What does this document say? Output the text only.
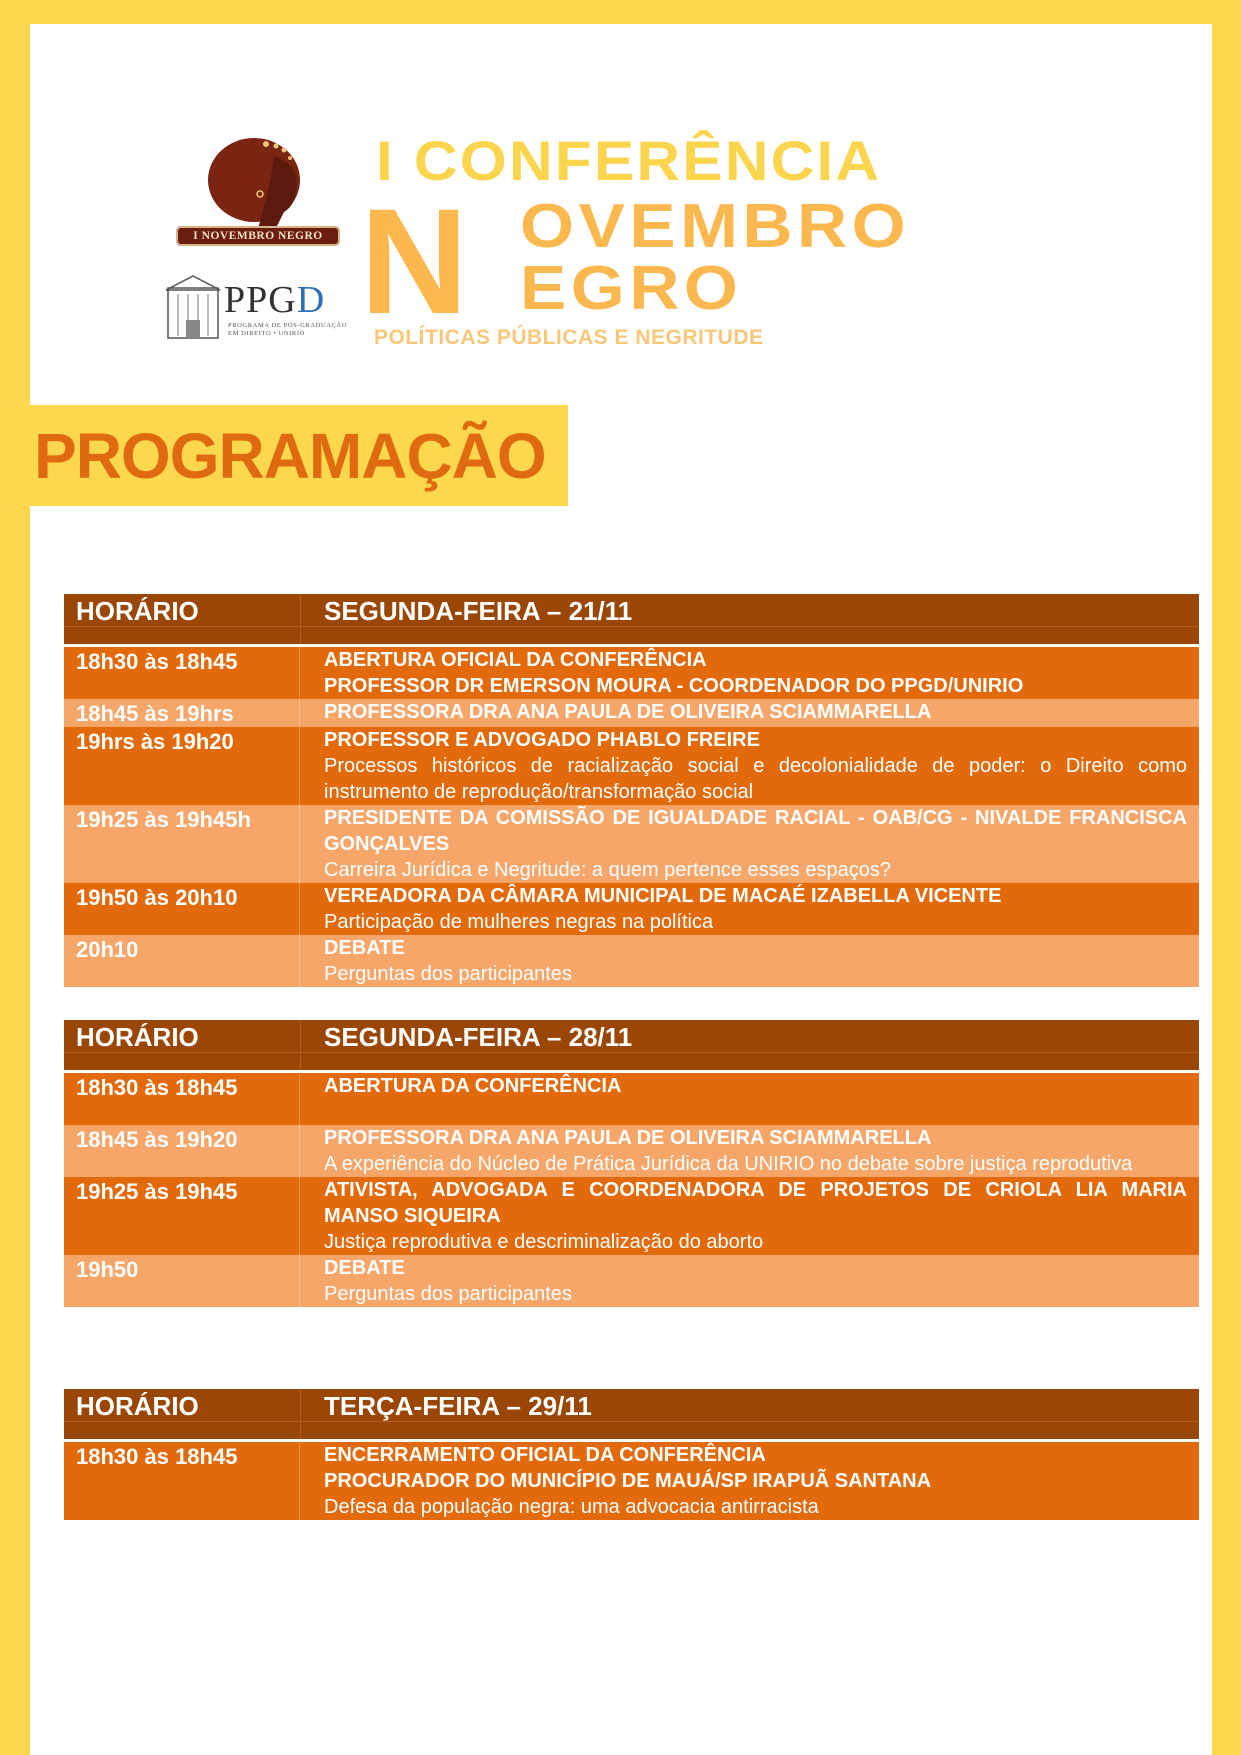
I NOVEMBRO NEGRO
PPGD
PROGRAMA DE PÓS-GRADUAÇÃO EM DIREITO • UNIRIO
I CONFERÊNCIA
N OVEMBRO
EGRO
POLÍTICAS PÚBLICAS E NEGRITUDE
PROGRAMAÇÃO
HORÁRIO	SEGUNDA-FEIRA – 21/11
18h30 às 18h45	ABERTURA OFICIAL DA CONFERÊNCIA
PROFESSOR DR EMERSON MOURA - COORDENADOR DO PPGD/UNIRIO
18h45 às 19hrs	PROFESSORA DRA ANA PAULA DE OLIVEIRA SCIAMMARELLA
19hrs às 19h20	PROFESSOR E ADVOGADO PHABLO FREIRE
Processos históricos de racialização social e decolonialidade de poder: o Direito como instrumento de reprodução/transformação social
19h25 às 19h45h	PRESIDENTE DA COMISSÃO DE IGUALDADE RACIAL - OAB/CG - NIVALDE FRANCISCA GONÇALVES
Carreira Jurídica e Negritude: a quem pertence esses espaços?
19h50 às 20h10	VEREADORA DA CÂMARA MUNICIPAL DE MACAÉ IZABELLA VICENTE
Participação de mulheres negras na política
20h10	DEBATE
Perguntas dos participantes
HORÁRIO	SEGUNDA-FEIRA – 28/11
18h30 às 18h45	ABERTURA DA CONFERÊNCIA

18h45 às 19h20	PROFESSORA DRA ANA PAULA DE OLIVEIRA SCIAMMARELLA
A experiência do Núcleo de Prática Jurídica da UNIRIO no debate sobre justiça reprodutiva
19h25 às 19h45	ATIVISTA, ADVOGADA E COORDENADORA DE PROJETOS DE CRIOLA LIA MARIA MANSO SIQUEIRA
Justiça reprodutiva e descriminalização do aborto
19h50	DEBATE
Perguntas dos participantes
HORÁRIO	TERÇA-FEIRA – 29/11
18h30 às 18h45	ENCERRAMENTO OFICIAL DA CONFERÊNCIA
PROCURADOR DO MUNICÍPIO DE MAUÁ/SP IRAPUÃ SANTANA
Defesa da população negra: uma advocacia antirracista
